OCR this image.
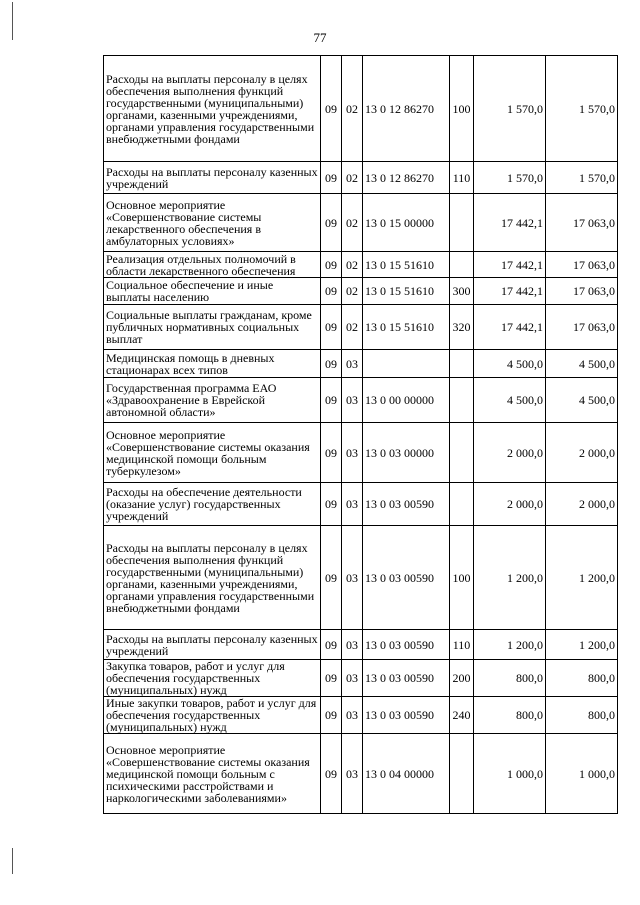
77
Расходы на выплаты персоналу в целях обеспечения выполнения функций государственными (муниципальными) органами, казенными учреждениями, органами управления государственными внебюджетными фондами	09	02	13 0 12 86270	100	1 570,0	1 570,0
Расходы на выплаты персоналу казенных учреждений	09	02	13 0 12 86270	110	1 570,0	1 570,0
Основное мероприятие «Совершенствование системы лекарственного обеспечения в амбулаторных условиях»	09	02	13 0 15 00000		17 442,1	17 063,0
Реализация отдельных полномочий в области лекарственного обеспечения	09	02	13 0 15 51610		17 442,1	17 063,0
Социальное обеспечение и иные выплаты населению	09	02	13 0 15 51610	300	17 442,1	17 063,0
Социальные выплаты гражданам, кроме публичных нормативных социальных выплат	09	02	13 0 15 51610	320	17 442,1	17 063,0
Медицинская помощь в дневных стационарах всех типов	09	03			4 500,0	4 500,0
Государственная программа ЕАО «Здравоохранение в Еврейской автономной области»	09	03	13 0 00 00000		4 500,0	4 500,0
Основное мероприятие «Совершенствование системы оказания медицинской помощи больным туберкулезом»	09	03	13 0 03 00000		2 000,0	2 000,0
Расходы на обеспечение деятельности (оказание услуг) государственных учреждений	09	03	13 0 03 00590		2 000,0	2 000,0
Расходы на выплаты персоналу в целях обеспечения выполнения функций государственными (муниципальными) органами, казенными учреждениями, органами управления государственными внебюджетными фондами	09	03	13 0 03 00590	100	1 200,0	1 200,0
Расходы на выплаты персоналу казенных учреждений	09	03	13 0 03 00590	110	1 200,0	1 200,0
Закупка товаров, работ и услуг для обеспечения государственных (муниципальных) нужд	09	03	13 0 03 00590	200	800,0	800,0
Иные закупки товаров, работ и услуг для обеспечения государственных (муниципальных) нужд	09	03	13 0 03 00590	240	800,0	800,0
Основное мероприятие «Совершенствование системы оказания медицинской помощи больным с психическими расстройствами и наркологическими заболеваниями»	09	03	13 0 04 00000		1 000,0	1 000,0
